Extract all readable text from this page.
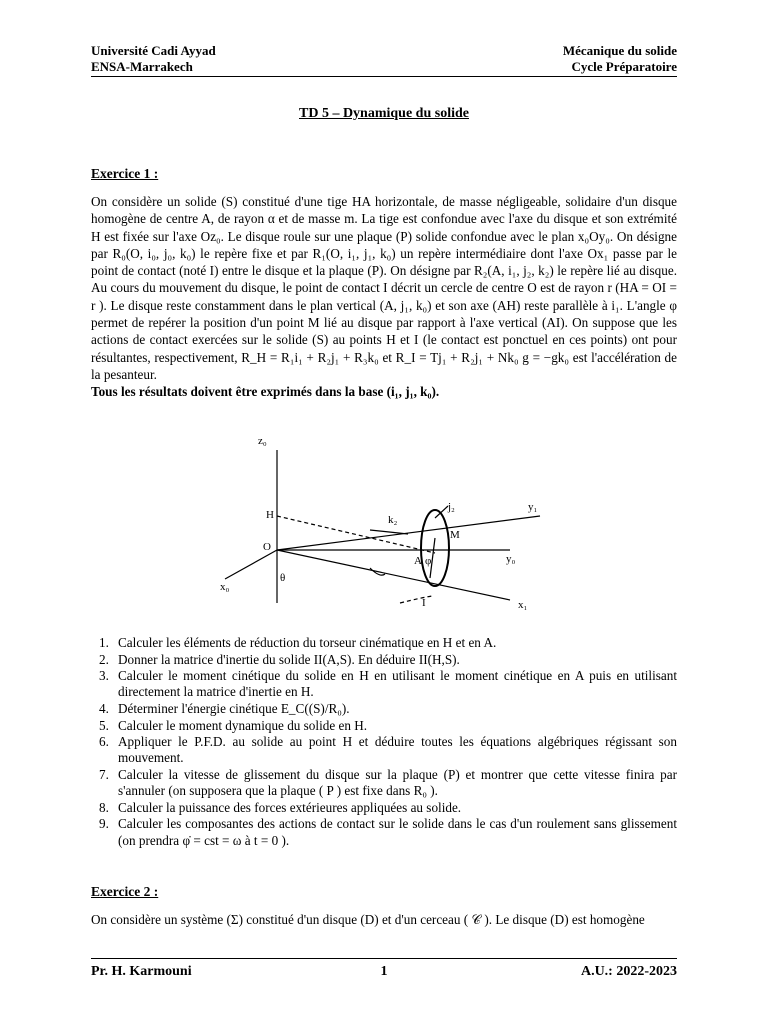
Université Cadi Ayyad
ENSA-Marrakech
Mécanique du solide
Cycle Préparatoire
TD 5 – Dynamique du solide
Exercice 1 :

On considère un solide (S) constitué d'une tige HA horizontale, de masse négligeable, solidaire d'un disque homogène de centre A, de rayon α et de masse m. La tige est confondue avec l'axe du disque et son extrémité H est fixée sur l'axe Oz₀. Le disque roule sur une plaque (P) solide confondue avec le plan x₀Oy₀. On désigne par R₀(O, i₀, j₀, k₀) le repère fixe et par R₁(O, i₁, j₁, k₀) un repère intermédiaire dont l'axe Ox₁ passe par le point de contact (noté I) entre le disque et la plaque (P). On désigne par R₂(A, i₁, j₂, k₂) le repère lié au disque. Au cours du mouvement du disque, le point de contact I décrit un cercle de centre O est de rayon r (HA = OI = r ). Le disque reste constamment dans le plan vertical (A, j₁, k₀) et son axe (AH) reste parallèle à i₁. L'angle φ permet de repérer la position d'un point M lié au disque par rapport à l'axe vertical (AI). On suppose que les actions de contact exercées sur le solide (S) au points H et I (le contact est ponctuel en ces points) ont pour résultantes, respectivement, R_H = R₁i₁ + R₂j₁ + R₃k₀ et R_I = Tj₁ + R₂j₁ + Nk₀ g = −gk₀ est l'accélération de la pesanteur.

Tous les résultats doivent être exprimés dans la base (i₁, j₁, k₀).

z₀
H
O
x₀
θ
k₂
j₂
M
A φ	y₀
y₁
I	x₁
1. Calculer les éléments de réduction du torseur cinématique en H et en A.
2. Donner la matrice d'inertie du solide II(A,S). En déduire II(H,S).
3. Calculer le moment cinétique du solide en H en utilisant le moment cinétique en A puis en utilisant directement la matrice d'inertie en H.
4. Déterminer l'énergie cinétique E_C((S)/R₀).
5. Calculer le moment dynamique du solide en H.
6. Appliquer le P.F.D. au solide au point H et déduire toutes les équations algébriques régissant son mouvement.
7. Calculer la vitesse de glissement du disque sur la plaque (P) et montrer que cette vitesse finira par s'annuler (on supposera que la plaque ( P ) est fixe dans R₀ ).
8. Calculer la puissance des forces extérieures appliquées au solide.
9. Calculer les composantes des actions de contact sur le solide dans le cas d'un roulement sans glissement (on prendra φ̇ = cst = ω à t = 0 ).
Exercice 2 :

On considère un système (Σ) constitué d'un disque (D) et d'un cerceau ( 𝒞 ). Le disque (D) est homogène

Pr. H. Karmouni	1	A.U.: 2022-2023
